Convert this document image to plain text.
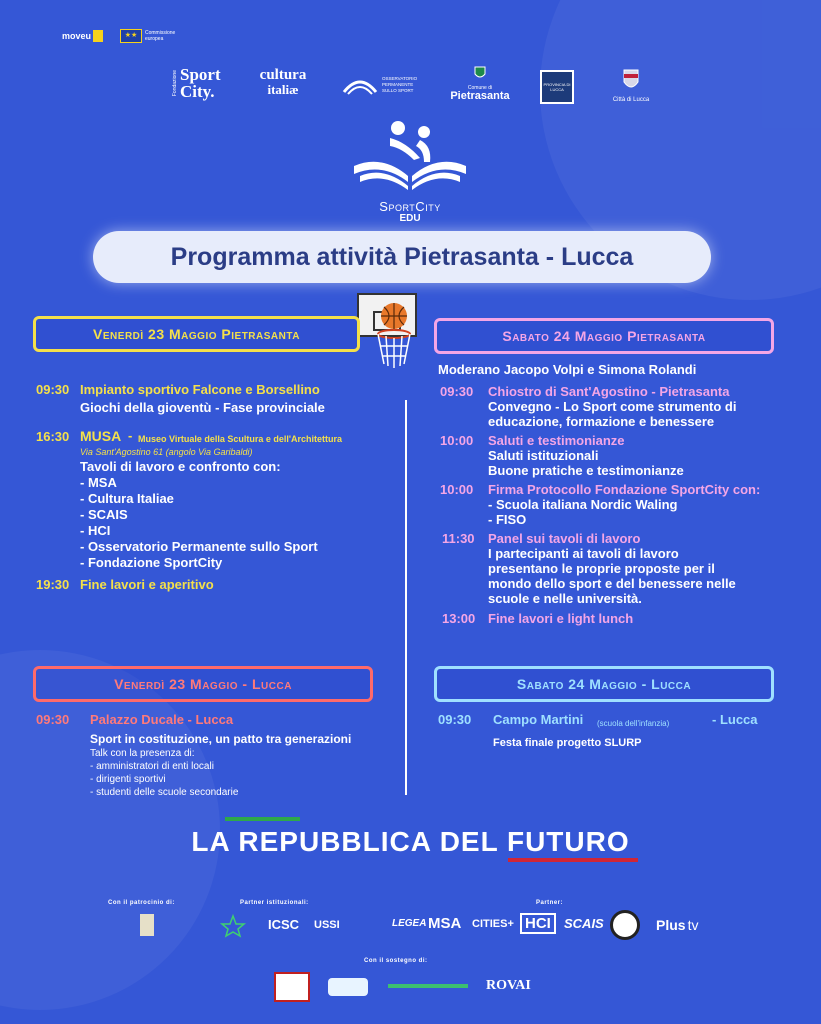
moveu	★★	Commissione europea
Fondazione Sport City.
cultura
italiæ
OSSERVATORIO PERMANENTE SULLO SPORT	Comune di
Pietrasanta
PROVINCIA DI LUCCA
Città di Lucca
SportCity
EDU
Programma attività Pietrasanta - Lucca
Venerdì 23 Maggio Pietrasanta
09:30 Impianto sportivo Falcone e Borsellino
Giochi della gioventù - Fase provinciale
16:30 MUSA - Museo Virtuale della Scultura e dell'Architettura
Via Sant'Agostino 61 (angolo Via Garibaldi)
Tavoli di lavoro e confronto con:
- MSA
- Cultura Italiae
- SCAIS
- HCI
- Osservatorio Permanente sullo Sport
- Fondazione SportCity
19:30 Fine lavori e aperitivo
Sabato 24 Maggio Pietrasanta
Moderano Jacopo Volpi e Simona Rolandi
09:30 Chiostro di Sant'Agostino - Pietrasanta
Convegno - Lo Sport come strumento di
educazione, formazione e benessere
10:00 Saluti e testimonianze
Saluti istituzionali
Buone pratiche e testimonianze
10:00 Firma Protocollo Fondazione SportCity con:
- Scuola italiana Nordic Waling
- FISO
11:30 Panel sui tavoli di lavoro
I partecipanti ai tavoli di lavoro
presentano le proprie proposte per il
mondo dello sport e del benessere nelle
scuole e nelle università.
13:00 Fine lavori e light lunch
Venerdì 23 Maggio - Lucca
09:30 Palazzo Ducale - Lucca
Sport in costituzione, un patto tra generazioni
Talk con la presenza di:
- amministratori di enti locali
- dirigenti sportivi
- studenti delle scuole secondarie
Sabato 24 Maggio - Lucca
09:30 Campo Martini (scuola dell'infanzia)	- Lucca
Festa finale progetto SLURP
LA REPUBBLICA DEL FUTURO
Con il patrocinio di:	Partner istituzionali:	Partner:
Con il sostegno di:
ICSC USSI	LEGEA MSA CITIES+ HCI	SCAIS	Plus tv
ROVAI
